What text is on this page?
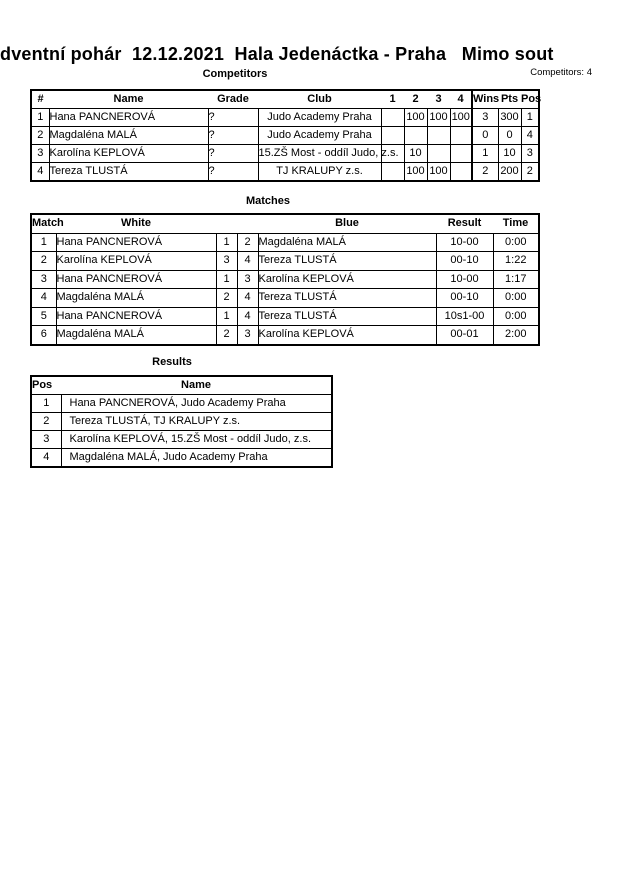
dventní pohár  12.12.2021  Hala Jedenáctka - Praha   Mimo sout
Competitors	Competitors: 4
#	Name	Grade	Club	1	2	3	4	Wins	Pts	Pos
1	Hana PANCNEROVÁ	?	Judo Academy Praha		100	100	100	3	300	1
2	Magdaléna MALÁ	?	Judo Academy Praha					0	0	4
3	Karolína KEPLOVÁ	?	15.ZŠ Most - oddíl Judo, z.s.		10			1	10	3
4	Tereza TLUSTÁ	?	TJ KRALUPY z.s.		100	100		2	200	2
Matches
Match	White			Blue	Result	Time
1	Hana PANCNEROVÁ	1	2	Magdaléna MALÁ	10-00	0:00
2	Karolína KEPLOVÁ	3	4	Tereza TLUSTÁ	00-10	1:22
3	Hana PANCNEROVÁ	1	3	Karolína KEPLOVÁ	10-00	1:17
4	Magdaléna MALÁ	2	4	Tereza TLUSTÁ	00-10	0:00
5	Hana PANCNEROVÁ	1	4	Tereza TLUSTÁ	10s1-00	0:00
6	Magdaléna MALÁ	2	3	Karolína KEPLOVÁ	00-01	2:00
Results
Pos	Name
1	Hana PANCNEROVÁ, Judo Academy Praha
2	Tereza TLUSTÁ, TJ KRALUPY z.s.
3	Karolína KEPLOVÁ, 15.ZŠ Most - oddíl Judo, z.s.
4	Magdaléna MALÁ, Judo Academy Praha
